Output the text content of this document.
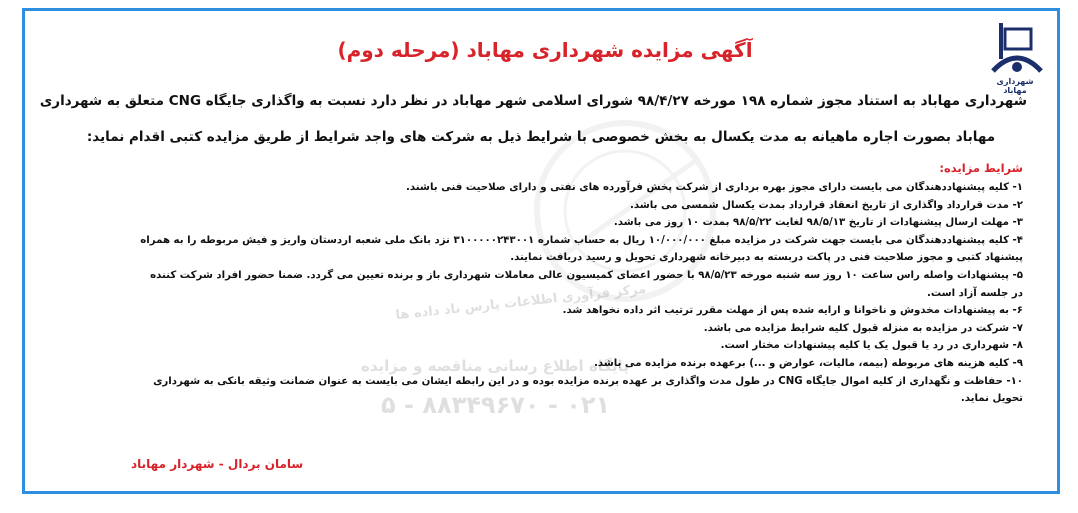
مرکز فرآوری اطلاعات پارس ناد داده ها
پایگاه اطلاع رسانی مناقصه و مزایده
۰۲۱ - ۸۸۳۴۹۶۷۰ - ۵
شهرداری مهاباد
آگهی مزایده شهرداری مهاباد (مرحله دوم)
شهرداری مهاباد به استناد مجوز شماره ۱۹۸ مورخه ۹۸/۴/۲۷ شورای اسلامی شهر مهاباد در نظر دارد نسبت به واگذاری جایگاه CNG متعلق به شهرداری
مهاباد بصورت اجاره ماهیانه به مدت یکسال به بخش خصوصی با شرایط ذیل به شرکت های واجد شرایط از طریق مزایده کتبی اقدام نماید:
شرایط مزایده:
۱- کلیه پیشنهاددهندگان می بایست دارای مجوز بهره برداری از شرکت پخش فرآورده های نفتی و دارای صلاحیت فنی باشند.
۲- مدت قرارداد واگذاری از تاریخ انعقاد قرارداد بمدت یکسال شمسی می باشد.
۳- مهلت ارسال پیشنهادات از تاریخ ۹۸/۵/۱۳ لغایت ۹۸/۵/۲۲ بمدت ۱۰ روز می باشد.
۴- کلیه پیشنهاددهندگان می بایست جهت شرکت در مزایده مبلغ ۱۰/۰۰۰/۰۰۰ ریال به حساب شماره ۳۱۰۰۰۰۰۲۴۳۰۰۱ نزد بانک ملی شعبه اردستان واریز و فیش مربوطه را به همراه
پیشنهاد کتبی و مجوز صلاحیت فنی در پاکت دربسته به دبیرخانه شهرداری تحویل و رسید دریافت نمایند.
۵- پیشنهادات واصله راس ساعت ۱۰ روز سه شنبه مورخه ۹۸/۵/۲۳ با حضور اعضای کمیسیون عالی معاملات شهرداری باز و برنده تعیین می گردد. ضمنا حضور افراد شرکت کننده
در جلسه آزاد است.
۶- به پیشنهادات مخدوش و ناخوانا و ارایه شده پس از مهلت مقرر ترتیب اثر داده نخواهد شد.
۷- شرکت در مزایده به منزله قبول کلیه شرایط مزایده می باشد.
۸- شهرداری در رد یا قبول یک یا کلیه پیشنهادات مختار است.
۹- کلیه هزینه های مربوطه (بیمه، مالیات، عوارض و ...) برعهده برنده مزایده می باشد.
۱۰- حفاظت و نگهداری از کلیه اموال جایگاه CNG در طول مدت واگذاری بر عهده برنده مزایده بوده و در این رابطه ایشان می بایست به عنوان ضمانت وثیقه بانکی به شهرداری
تحویل نماید.
سامان بردال - شهردار مهاباد
